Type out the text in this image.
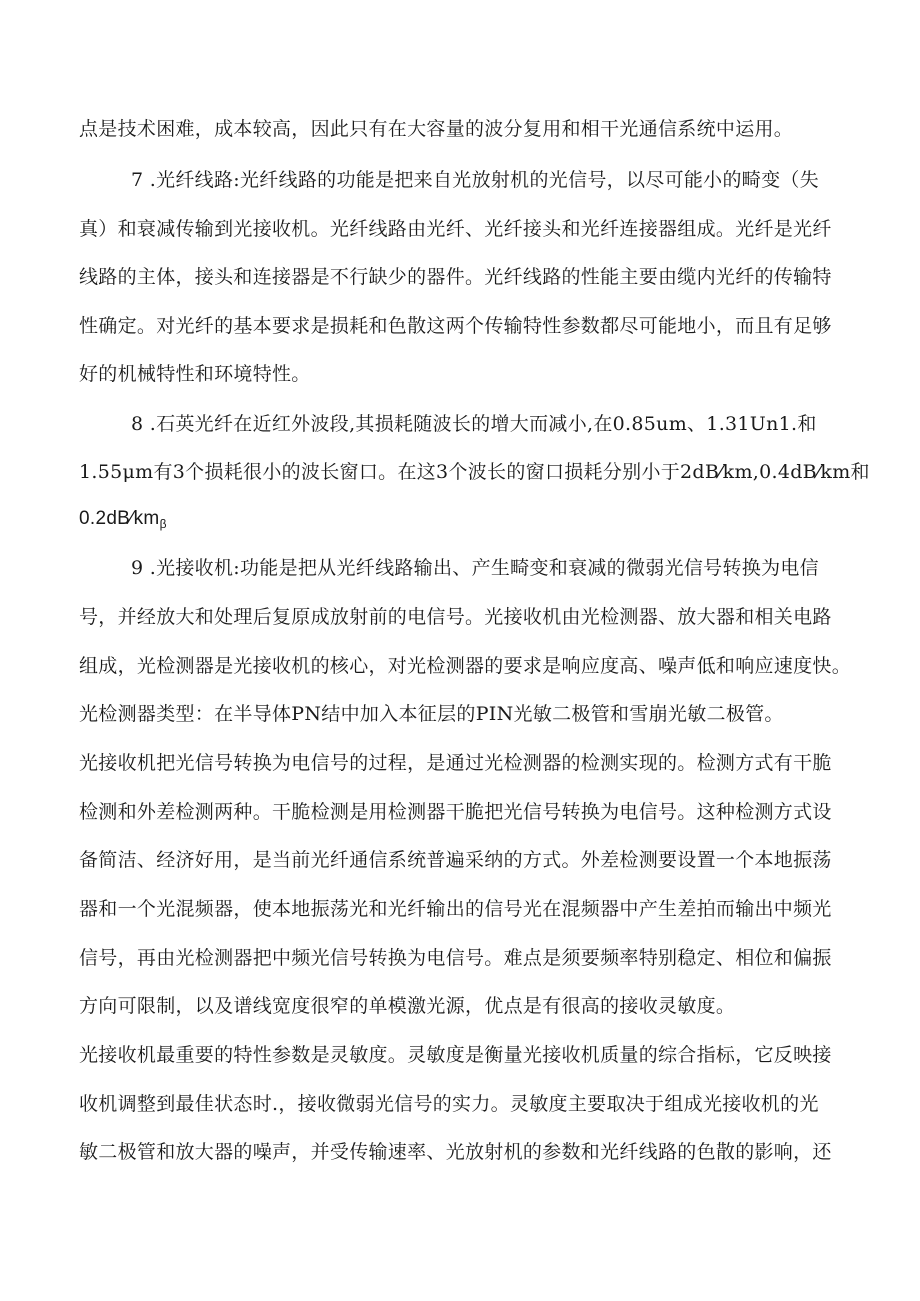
点是技术困难，成本较高，因此只有在大容量的波分复用和相干光通信系统中运用。
7 .光纤线路:光纤线路的功能是把来自光放射机的光信号，以尽可能小的畸变（失
真）和衰减传输到光接收机。光纤线路由光纤、光纤接头和光纤连接器组成。光纤是光纤
线路的主体，接头和连接器是不行缺少的器件。光纤线路的性能主要由缆内光纤的传输特
性确定。对光纤的基本要求是损耗和色散这两个传输特性参数都尽可能地小，而且有足够
好的机械特性和环境特性。
8 .石英光纤在近红外波段,其损耗随波长的增大而减小,在0.85um、1.31Un1.和
1.55μm有3个损耗很小的波长窗口。在这3个波长的窗口损耗分别小于2dB⁄km,0.4dB⁄km和
$0.2dB⁄km_\beta$
9 .光接收机:功能是把从光纤线路输出、产生畸变和衰减的微弱光信号转换为电信
号，并经放大和处理后复原成放射前的电信号。光接收机由光检测器、放大器和相关电路
组成，光检测器是光接收机的核心，对光检测器的要求是响应度高、噪声低和响应速度快。
光检测器类型：在半导体PN结中加入本征层的PIN光敏二极管和雪崩光敏二极管。
光接收机把光信号转换为电信号的过程，是通过光检测器的检测实现的。检测方式有干脆
检测和外差检测两种。干脆检测是用检测器干脆把光信号转换为电信号。这种检测方式设
备简洁、经济好用，是当前光纤通信系统普遍采纳的方式。外差检测要设置一个本地振荡
器和一个光混频器，使本地振荡光和光纤输出的信号光在混频器中产生差拍而输出中频光
信号，再由光检测器把中频光信号转换为电信号。难点是须要频率特别稳定、相位和偏振
方向可限制，以及谱线宽度很窄的单模激光源，优点是有很高的接收灵敏度。
光接收机最重要的特性参数是灵敏度。灵敏度是衡量光接收机质量的综合指标，它反映接
收机调整到最佳状态时.，接收微弱光信号的实力。灵敏度主要取决于组成光接收机的光
敏二极管和放大器的噪声，并受传输速率、光放射机的参数和光纤线路的色散的影响，还
